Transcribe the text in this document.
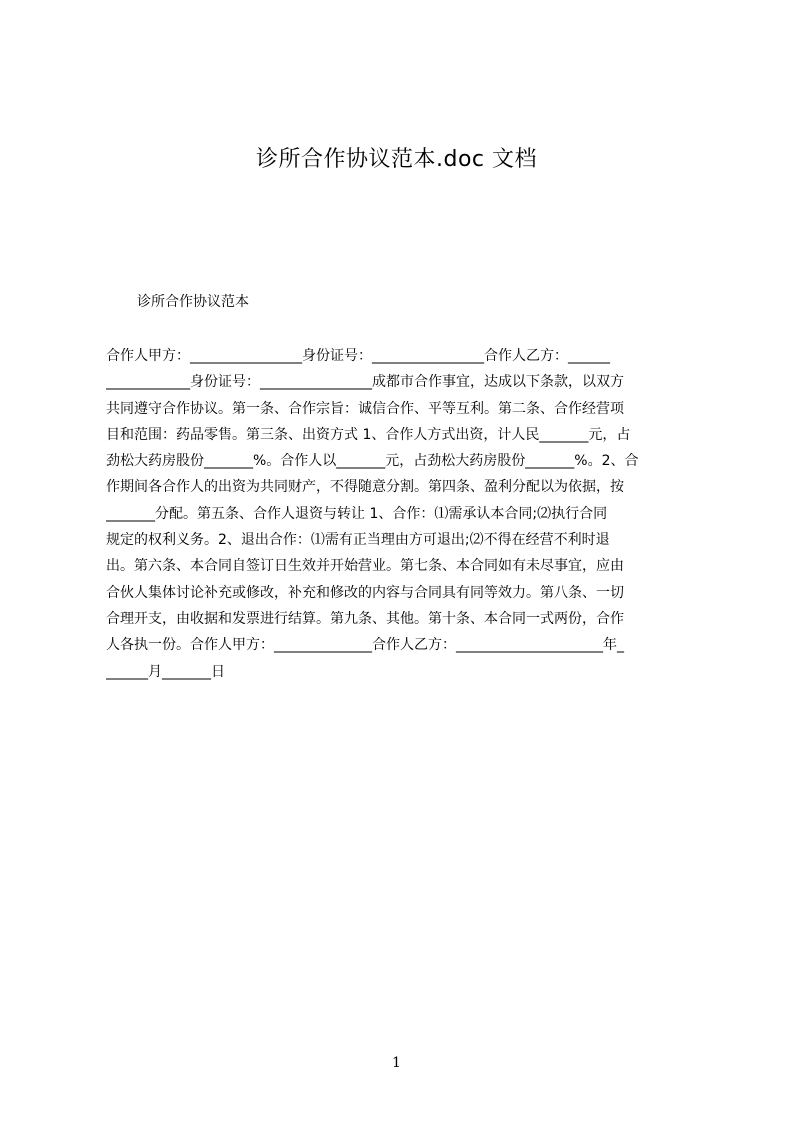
诊所合作协议范本.doc 文档
诊所合作协议范本
合作人甲方：________________身份证号：________________合作人乙方：______
____________身份证号：________________成都市合作事宜，达成以下条款，以双方
共同遵守合作协议。第一条、合作宗旨：诚信合作、平等互利。第二条、合作经营项
目和范围：药品零售。第三条、出资方式 1、合作人方式出资，计人民_______元，占
劲松大药房股份_______%。合作人以_______元，占劲松大药房股份_______%。2、合
作期间各合作人的出资为共同财产，不得随意分割。第四条、盈利分配以为依据，按
_______分配。第五条、合作人退资与转让 1、合作：⑴需承认本合同;⑵执行合同
规定的权利义务。2、退出合作：⑴需有正当理由方可退出;⑵不得在经营不利时退
出。第六条、本合同自签订日生效并开始营业。第七条、本合同如有未尽事宜，应由
合伙人集体讨论补充或修改，补充和修改的内容与合同具有同等效力。第八条、一切
合理开支，由收据和发票进行结算。第九条、其他。第十条、本合同一式两份，合作
人各执一份。合作人甲方：______________合作人乙方：_____________________年_
______月_______日
1
